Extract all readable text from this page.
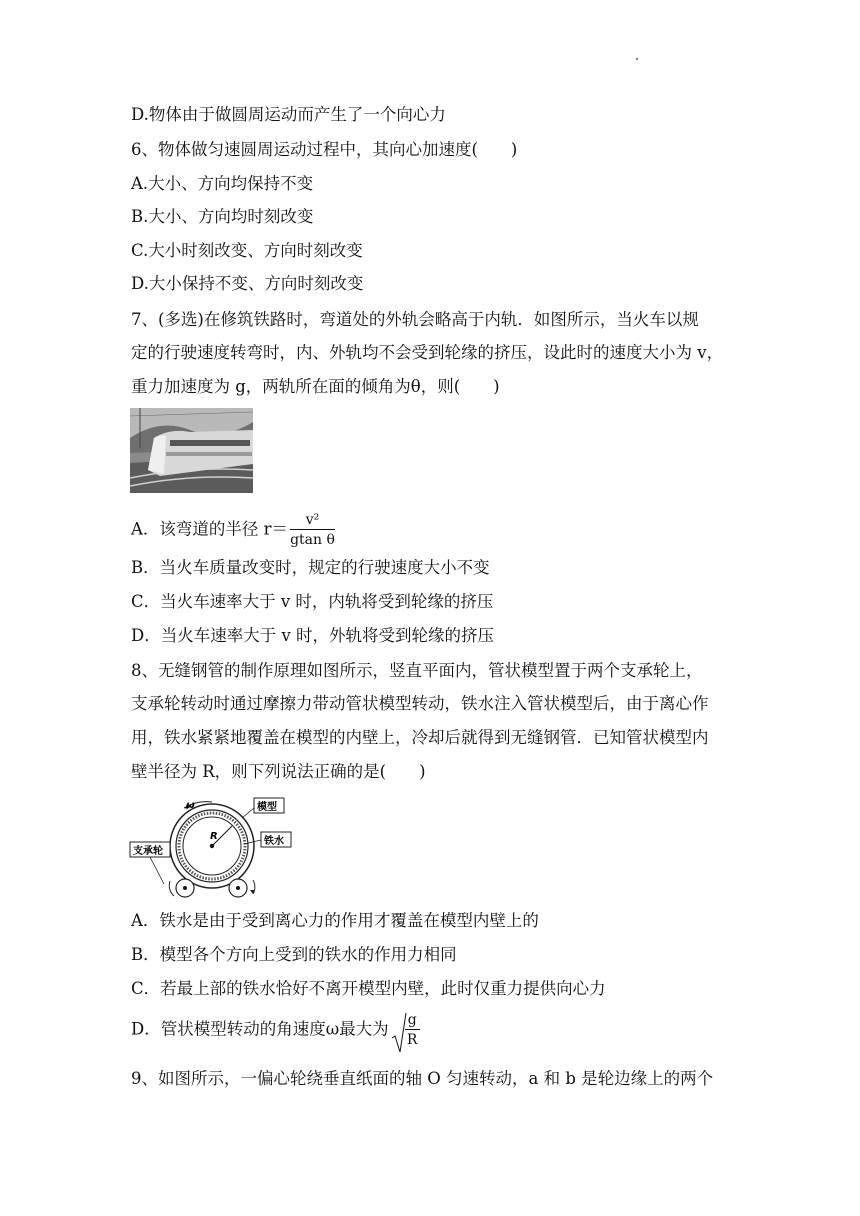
D.物体由于做圆周运动而产生了一个向心力
6、物体做匀速圆周运动过程中，其向心加速度(　　)
A.大小、方向均保持不变
B.大小、方向均时刻改变
C.大小时刻改变、方向时刻改变
D.大小保持不变、方向时刻改变
7、(多选)在修筑铁路时，弯道处的外轨会略高于内轨．如图所示，当火车以规
定的行驶速度转弯时，内、外轨均不会受到轮缘的挤压，设此时的速度大小为 v，
重力加速度为 g，两轨所在面的倾角为θ，则(　　)
A．该弯道的半径 $r= \frac{\text{v²}}{\text{gtan θ}}$
B．当火车质量改变时，规定的行驶速度大小不变
C．当火车速率大于 v 时，内轨将受到轮缘的挤压
D．当火车速率大于 v 时，外轨将受到轮缘的挤压
8、无缝钢管的制作原理如图所示，竖直平面内，管状模型置于两个支承轮上，
支承轮转动时通过摩擦力带动管状模型转动，铁水注入管状模型后，由于离心作
用，铁水紧紧地覆盖在模型的内壁上，冷却后就得到无缝钢管．已知管状模型内
壁半径为 R，则下列说法正确的是(　　)
R
ω	模型
铁水
支承轮
A．铁水是由于受到离心力的作用才覆盖在模型内壁上的
B．模型各个方向上受到的铁水的作用力相同
C．若最上部的铁水恰好不离开模型内壁，此时仅重力提供向心力
D．管状模型转动的角速度ω最大为 $\frac{g}{R}$
9、如图所示，一偏心轮绕垂直纸面的轴 O 匀速转动，a 和 b 是轮边缘上的两个
